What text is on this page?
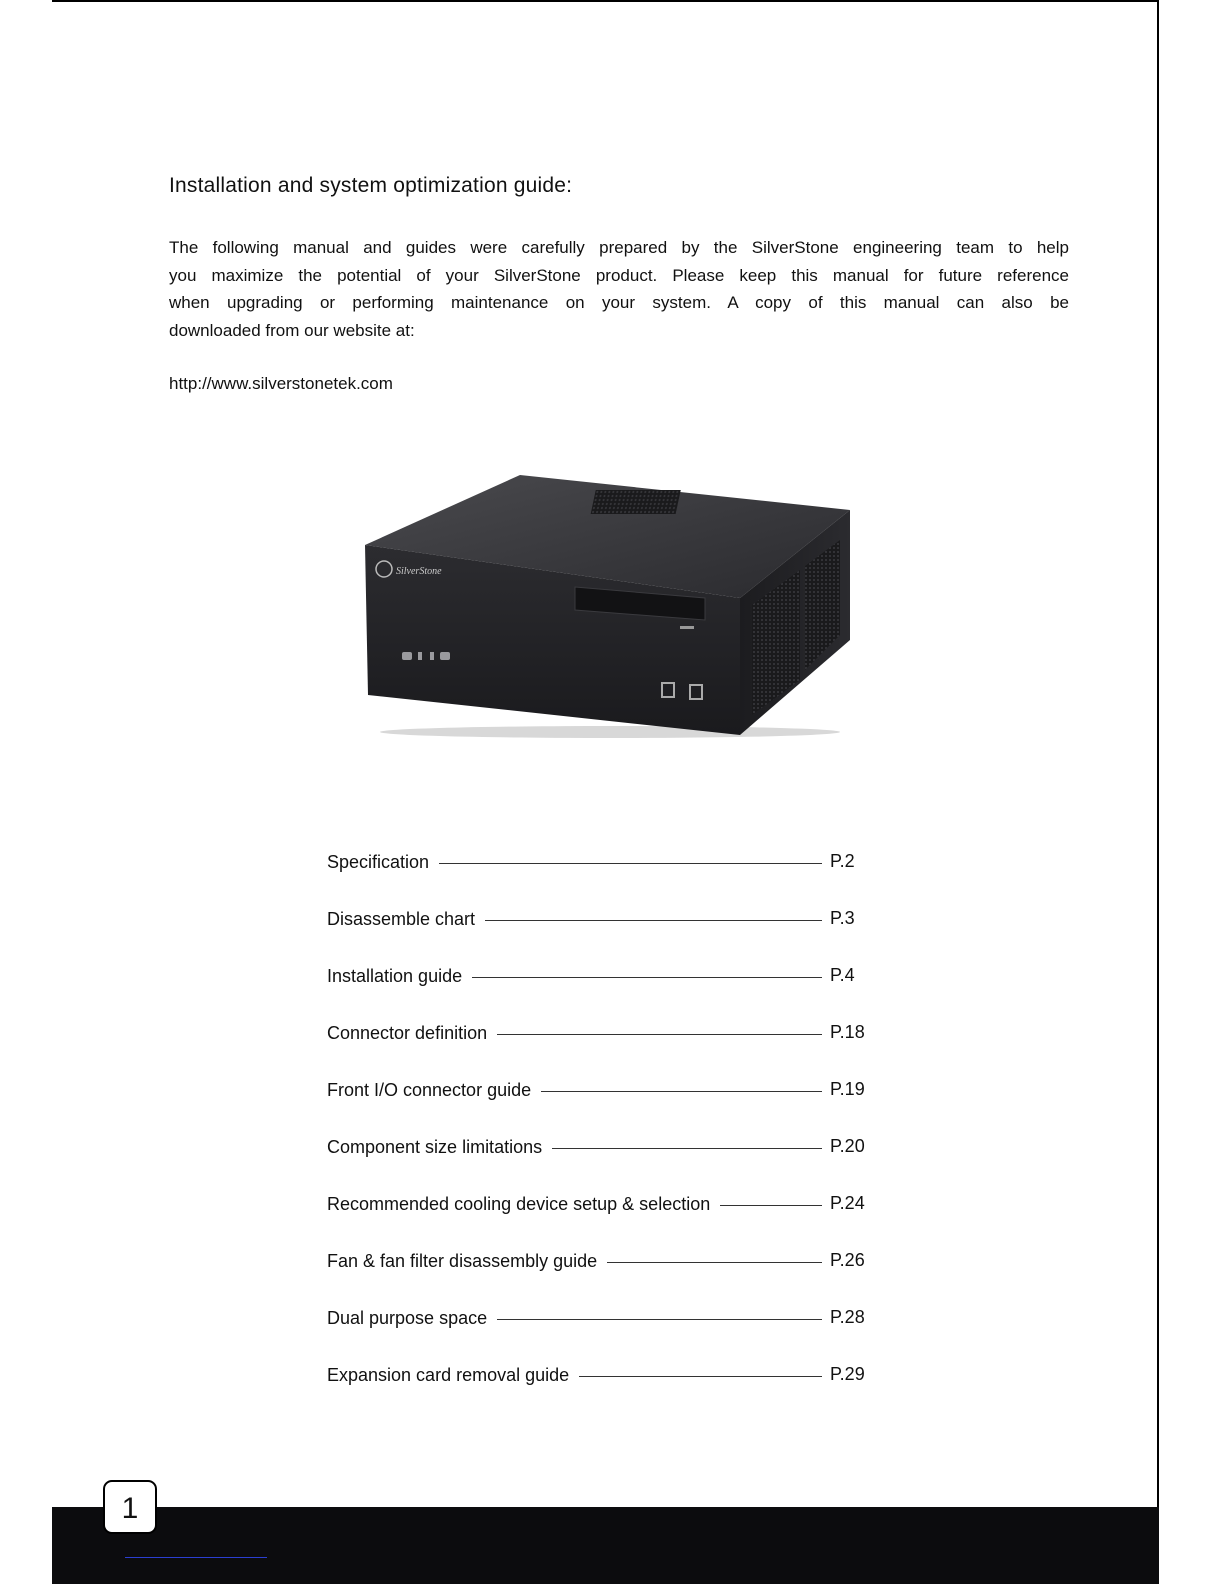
Installation and system optimization guide:

The following manual and guides were carefully prepared by the SilverStone engineering team to help
you maximize the potential of your SilverStone product. Please keep this manual for future reference
when upgrading or performing maintenance on your system. A copy of this manual can also be
downloaded from our website at:

http://www.silverstonetek.com

SilverStone
Specification	P.2
Disassemble chart	P.3
Installation guide	P.4
Connector definition	P.18
Front I/O connector guide	P.19
Component size limitations	P.20
Recommended cooling device setup & selection	P.24
Fan & fan filter disassembly guide	P.26
Dual purpose space	P.28
Expansion card removal guide	P.29
1
